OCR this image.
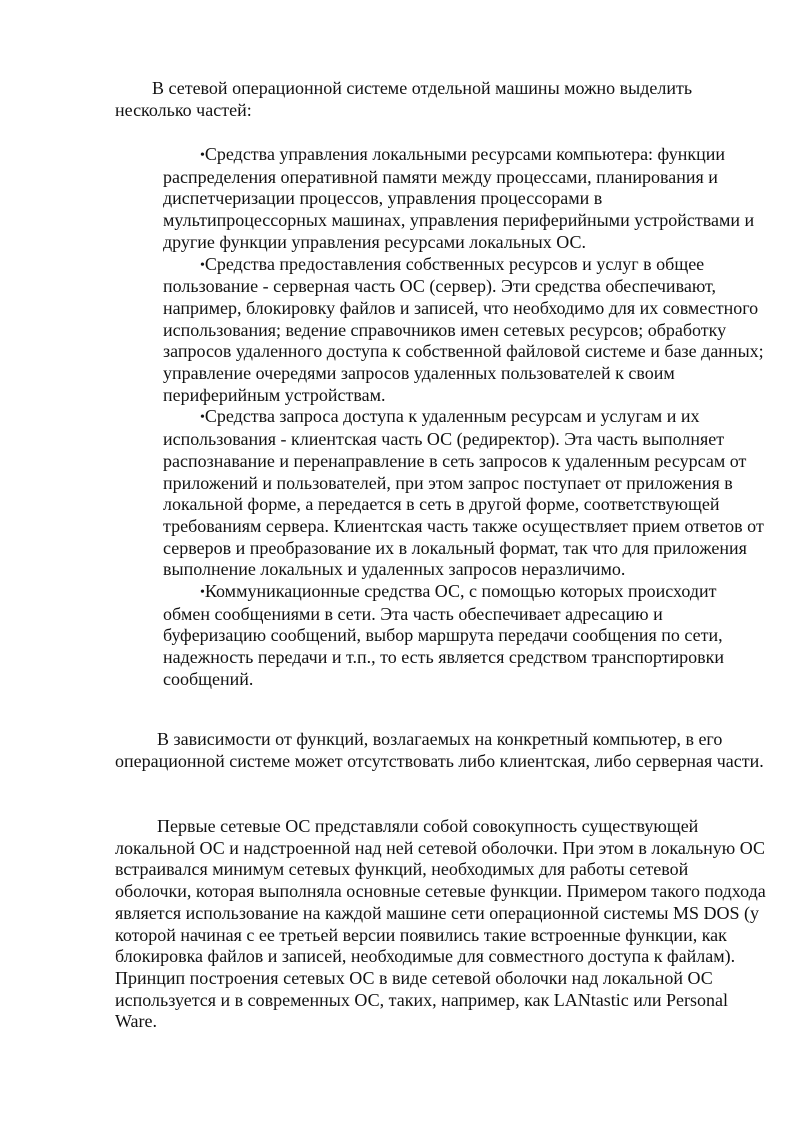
В сетевой операционной системе отдельной машины можно выделить несколько частей:

•Средства управления локальными ресурсами компьютера: функции распределения оперативной памяти между процессами, планирования и диспетчеризации процессов, управления процессорами в мультипроцессорных машинах, управления периферийными устройствами и другие функции управления ресурсами локальных ОС.
•Средства предоставления собственных ресурсов и услуг в общее пользование - серверная часть ОС (сервер). Эти средства обеспечивают, например, блокировку файлов и записей, что необходимо для их совместного использования; ведение справочников имен сетевых ресурсов; обработку запросов удаленного доступа к собственной файловой системе и базе данных; управление очередями запросов удаленных пользователей к своим периферийным устройствам.
•Средства запроса доступа к удаленным ресурсам и услугам и их использования - клиентская часть ОС (редиректор). Эта часть выполняет распознавание и перенаправление в сеть запросов к удаленным ресурсам от приложений и пользователей, при этом запрос поступает от приложения в локальной форме, а передается в сеть в другой форме, соответствующей требованиям сервера. Клиентская часть также осуществляет прием ответов от серверов и преобразование их в локальный формат, так что для приложения выполнение локальных и удаленных запросов неразличимо.
•Коммуникационные средства ОС, с помощью которых происходит обмен сообщениями в сети. Эта часть обеспечивает адресацию и буферизацию сообщений, выбор маршрута передачи сообщения по сети, надежность передачи и т.п., то есть является средством транспортировки сообщений.

В зависимости от функций, возлагаемых на конкретный компьютер, в его операционной системе может отсутствовать либо клиентская, либо серверная части.

Первые сетевые ОС представляли собой совокупность существующей локальной ОС и надстроенной над ней сетевой оболочки. При этом в локальную ОС встраивался минимум сетевых функций, необходимых для работы сетевой оболочки, которая выполняла основные сетевые функции. Примером такого подхода является использование на каждой машине сети операционной системы MS DOS (у которой начиная с ее третьей версии появились такие встроенные функции, как блокировка файлов и записей, необходимые для совместного доступа к файлам). Принцип построения сетевых ОС в виде сетевой оболочки над локальной ОС используется и в современных ОС, таких, например, как LANtastic или Personal Ware.
